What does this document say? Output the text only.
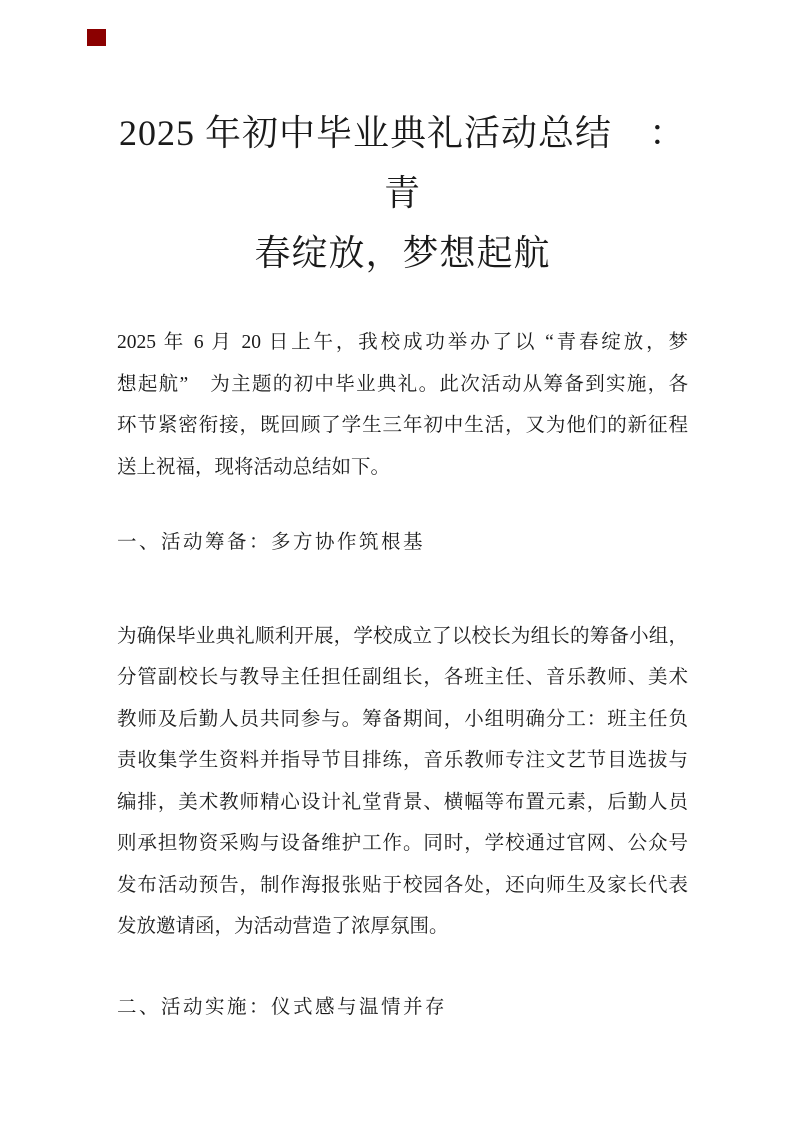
2025 年初中毕业典礼活动总结　：青
春绽放，梦想起航
2025 年 6 月 20 日上午，我校成功举办了以 “青春绽放，梦
想起航”　为主题的初中毕业典礼。此次活动从筹备到实施，各
环节紧密衔接，既回顾了学生三年初中生活，又为他们的新征程
送上祝福，现将活动总结如下。
一、活动筹备：多方协作筑根基
为确保毕业典礼顺利开展，学校成立了以校长为组长的筹备小组，
分管副校长与教导主任担任副组长，各班主任、音乐教师、美术
教师及后勤人员共同参与。筹备期间，小组明确分工：班主任负
责收集学生资料并指导节目排练，音乐教师专注文艺节目选拔与
编排，美术教师精心设计礼堂背景、横幅等布置元素，后勤人员
则承担物资采购与设备维护工作。同时，学校通过官网、公众号
发布活动预告，制作海报张贴于校园各处，还向师生及家长代表
发放邀请函，为活动营造了浓厚氛围。
二、活动实施：仪式感与温情并存
